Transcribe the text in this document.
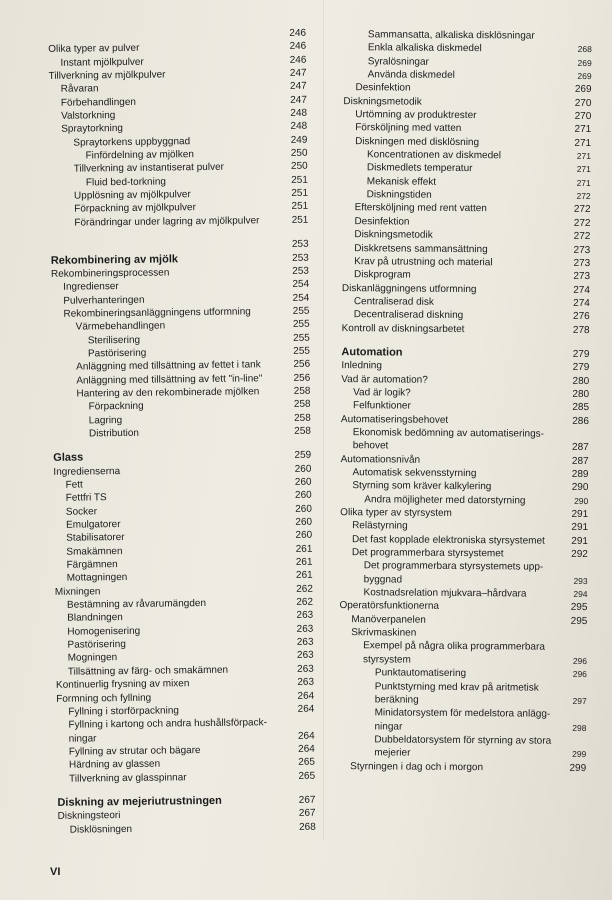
246
Olika typer av pulver	246
Instant mjölkpulver	246
Tillverkning av mjölkpulver	247
Råvaran	247
Förbehandlingen	247
Valstorkning	248
Spraytorkning	248
Spraytorkens uppbyggnad	249
Finfördelning av mjölken	250
Tillverkning av instantiserat pulver	250
Fluid bed-torkning	251
Upplösning av mjölkpulver	251
Förpackning av mjölkpulver	251
Förändringar under lagring av mjölkpulver	251
253
Rekombinering av mjölk	253
Rekombineringsprocessen	253
Ingredienser	254
Pulverhanteringen	254
Rekombineringsanläggningens utformning	255
Värmebehandlingen	255
Sterilisering	255
Pastörisering	255
Anläggning med tillsättning av fettet i tank	256
Anläggning med tillsättning av fett "in-line"	256
Hantering av den rekombinerade mjölken	258
Förpackning	258
Lagring	258
Distribution	258
Glass	259
Ingredienserna	260
Fett	260
Fettfri TS	260
Socker	260
Emulgatorer	260
Stabilisatorer	260
Smakämnen	261
Färgämnen	261
Mottagningen	261
Mixningen	262
Bestämning av råvarumängden	262
Blandningen	263
Homogenisering	263
Pastörisering	263
Mogningen	263
Tillsättning av färg- och smakämnen	263
Kontinuerlig frysning av mixen	263
Formning och fyllning	264
Fyllning i storförpackning	264
Fyllning i kartong och andra hushållsförpack-
ningar	264
Fyllning av strutar och bägare	264
Härdning av glassen	265
Tillverkning av glasspinnar	265
Diskning av mejeriutrustningen	267
Diskningsteori	267
Disklösningen	268
Sammansatta, alkaliska disklösningar
Enkla alkaliska diskmedel	268
Syralösningar	269
Använda diskmedel	269
Desinfektion	269
Diskningsmetodik	270
Urtömning av produktrester	270
Försköljning med vatten	271
Diskningen med disklösning	271
Koncentrationen av diskmedel	271
Diskmedlets temperatur	271
Mekanisk effekt	271
Diskningstiden	272
Eftersköljning med rent vatten	272
Desinfektion	272
Diskningsmetodik	272
Diskkretsens sammansättning	273
Krav på utrustning och material	273
Diskprogram	273
Diskanläggningens utformning	274
Centraliserad disk	274
Decentraliserad diskning	276
Kontroll av diskningsarbetet	278
Automation	279
Inledning	279
Vad är automation?	280
Vad är logik?	280
Felfunktioner	285
Automatiseringsbehovet	286
Ekonomisk bedömning av automatiserings-
behovet	287
Automationsnivån	287
Automatisk sekvensstyrning	289
Styrning som kräver kalkylering	290
Andra möjligheter med datorstyrning	290
Olika typer av styrsystem	291
Relästyrning	291
Det fast kopplade elektroniska styrsystemet	291
Det programmerbara styrsystemet	292
Det programmerbara styrsystemets upp-
byggnad	293
Kostnadsrelation mjukvara–hårdvara	294
Operatörsfunktionerna	295
Manöverpanelen	295
Skrivmaskinen
Exempel på några olika programmerbara
styrsystem	296
Punktautomatisering	296
Punktstyrning med krav på aritmetisk
beräkning	297
Minidatorsystem för medelstora anlägg-
ningar	298
Dubbeldatorsystem för styrning av stora
mejerier	299
Styrningen i dag och i morgon	299
VI
